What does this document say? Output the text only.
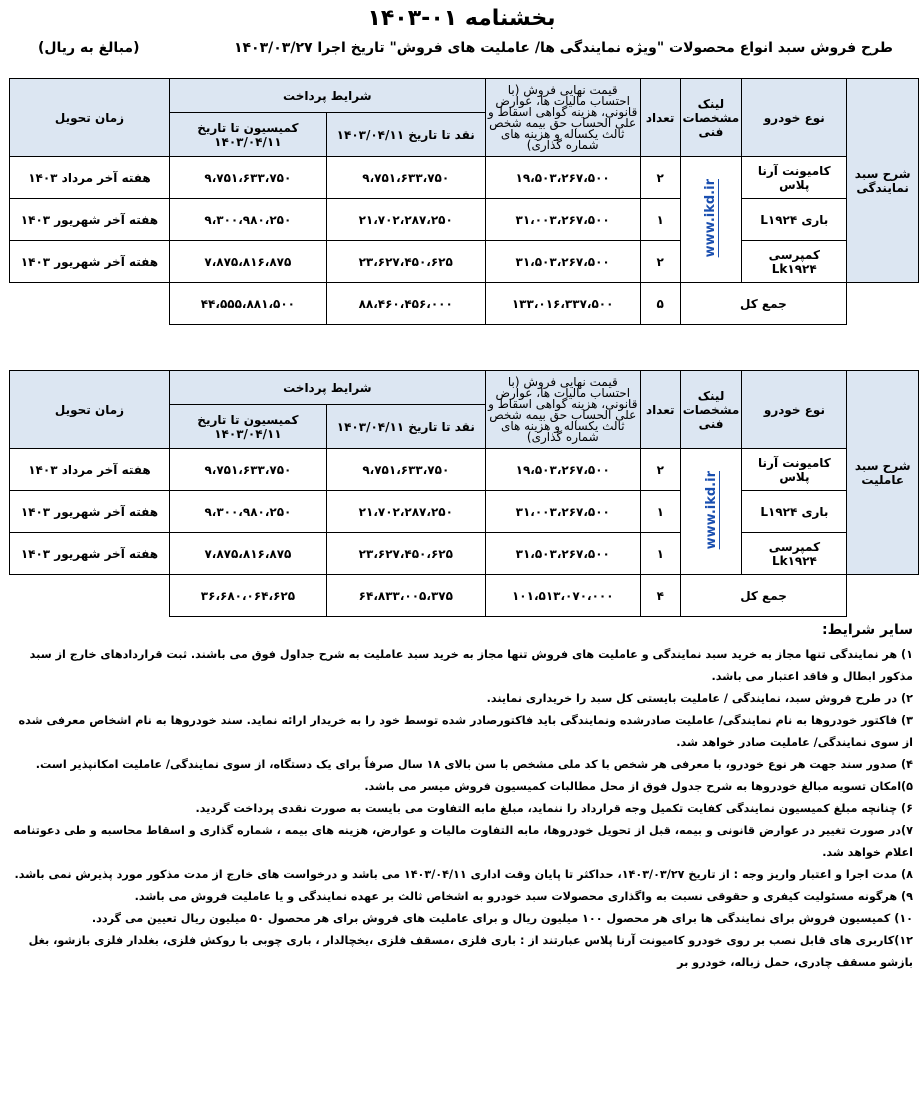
بخشنامه ۰۱-۱۴۰۳
طرح فروش سبد انواع محصولات "ویژه نمایندگی ها/ عاملیت های فروش" تاریخ اجرا ۱۴۰۳/۰۳/۲۷
(مبالغ به ریال)
شرح سبد نمایندگی	نوع خودرو	لینک مشخصات فنی	تعداد	قیمت نهایی فروش (با احتساب مالیات ها، عوارض قانونی، هزینه گواهی اسقاط و علی الحساب حق بیمه شخص ثالث یکساله و هزینه های شماره گذاری)	شرایط پرداخت		زمان تحویل
					نقد تا تاریخ ۱۴۰۳/۰۴/۱۱	کمیسیون تا تاریخ ۱۴۰۳/۰۴/۱۱	
	کامیونت آرنا پلاس	www.ikd.ir	۲	۱۹،۵۰۳،۲۶۷،۵۰۰	۹،۷۵۱،۶۳۳،۷۵۰	۹،۷۵۱،۶۳۳،۷۵۰	هفته آخر مرداد ۱۴۰۳
	باری L۱۹۲۴		۱	۳۱،۰۰۳،۲۶۷،۵۰۰	۲۱،۷۰۲،۲۸۷،۲۵۰	۹،۳۰۰،۹۸۰،۲۵۰	هفته آخر شهریور ۱۴۰۳
	کمپرسی Lk۱۹۲۴		۲	۳۱،۵۰۳،۲۶۷،۵۰۰	۲۳،۶۲۷،۴۵۰،۶۲۵	۷،۸۷۵،۸۱۶،۸۷۵	هفته آخر شهریور ۱۴۰۳
	جمع کل		۵	۱۳۳،۰۱۶،۳۳۷،۵۰۰	۸۸،۴۶۰،۴۵۶،۰۰۰	۴۴،۵۵۵،۸۸۱،۵۰۰	
شرح سبد عاملیت	نوع خودرو	لینک مشخصات فنی	تعداد	قیمت نهایی فروش (با احتساب مالیات ها، عوارض قانونی، هزینه گواهی اسقاط و علی الحساب حق بیمه شخص ثالث یکساله و هزینه های شماره گذاری)	شرایط پرداخت		زمان تحویل
					نقد تا تاریخ ۱۴۰۳/۰۴/۱۱	کمیسیون تا تاریخ ۱۴۰۳/۰۴/۱۱	
	کامیونت آرنا پلاس	www.ikd.ir	۲	۱۹،۵۰۳،۲۶۷،۵۰۰	۹،۷۵۱،۶۳۳،۷۵۰	۹،۷۵۱،۶۳۳،۷۵۰	هفته آخر مرداد ۱۴۰۳
	باری L۱۹۲۴		۱	۳۱،۰۰۳،۲۶۷،۵۰۰	۲۱،۷۰۲،۲۸۷،۲۵۰	۹،۳۰۰،۹۸۰،۲۵۰	هفته آخر شهریور ۱۴۰۳
	کمپرسی Lk۱۹۲۴		۱	۳۱،۵۰۳،۲۶۷،۵۰۰	۲۳،۶۲۷،۴۵۰،۶۲۵	۷،۸۷۵،۸۱۶،۸۷۵	هفته آخر شهریور ۱۴۰۳
	جمع کل		۴	۱۰۱،۵۱۳،۰۷۰،۰۰۰	۶۴،۸۳۳،۰۰۵،۳۷۵	۳۶،۶۸۰،۰۶۴،۶۲۵	
سایر شرایط:

۱) هر نمایندگی تنها مجاز به خرید سبد نمایندگی و عاملیت های فروش تنها مجاز به خرید سبد عاملیت به شرح جداول فوق می باشند. ثبت قراردادهای خارج از سبد مذکور ابطال و فاقد اعتبار می باشد.

۲) در طرح فروش سبد، نمایندگی / عاملیت بایستی کل سبد را خریداری نمایند.

۳) فاکتور خودروها به نام نمایندگی/ عاملیت صادرشده ونمایندگی باید فاکتورصادر شده توسط خود را به خریدار ارائه نماید. سند خودروها به نام اشخاص معرفی شده از سوی نمایندگی/ عاملیت صادر خواهد شد.

۴) صدور سند جهت هر نوع خودرو، با معرفی هر شخص با کد ملی مشخص با سن بالای ۱۸ سال صرفاً برای یک دستگاه، از سوی نمایندگی/ عاملیت امکانپذیر است.

۵)امکان تسویه مبالغ خودروها به شرح جدول فوق از محل مطالبات کمیسیون فروش میسر می باشد.

۶) چنانچه مبلغ کمیسیون نمایندگی کفایت تکمیل وجه قرارداد را ننماید، مبلغ مابه التفاوت می بایست به صورت نقدی پرداخت گردید.

۷)در صورت تغییر در عوارض قانونی و بیمه، قبل از تحویل خودروها، مابه التفاوت مالیات و عوارض، هزینه های بیمه ، شماره گذاری و اسقاط محاسبه و طی دعوتنامه اعلام خواهد شد.

۸) مدت اجرا و اعتبار واریز وجه : از تاریخ ۱۴۰۳/۰۳/۲۷، حداکثر تا پایان وقت اداری ۱۴۰۳/۰۴/۱۱ می باشد و درخواست های خارج از مدت مذکور مورد پذیرش نمی باشد.

۹) هرگونه مسئولیت کیفری و حقوقی نسبت به واگذاری محصولات سبد خودرو به اشخاص ثالث بر عهده نمایندگی و یا عاملیت فروش می باشد.

۱۰) کمیسیون فروش برای نمایندگی ها برای هر محصول ۱۰۰ میلیون ریال و برای عاملیت های فروش برای هر محصول ۵۰ میلیون ریال تعیین می گردد.

۱۲)کاربری های قابل نصب بر روی خودرو کامیونت آرنا پلاس عبارتند از : باری فلزی ،مسقف فلزی ،یخچالدار ، باری چوبی با روکش فلزی، بغلدار فلزی بازشو، بغل بازشو مسقف چادری، حمل زباله، خودرو بر
